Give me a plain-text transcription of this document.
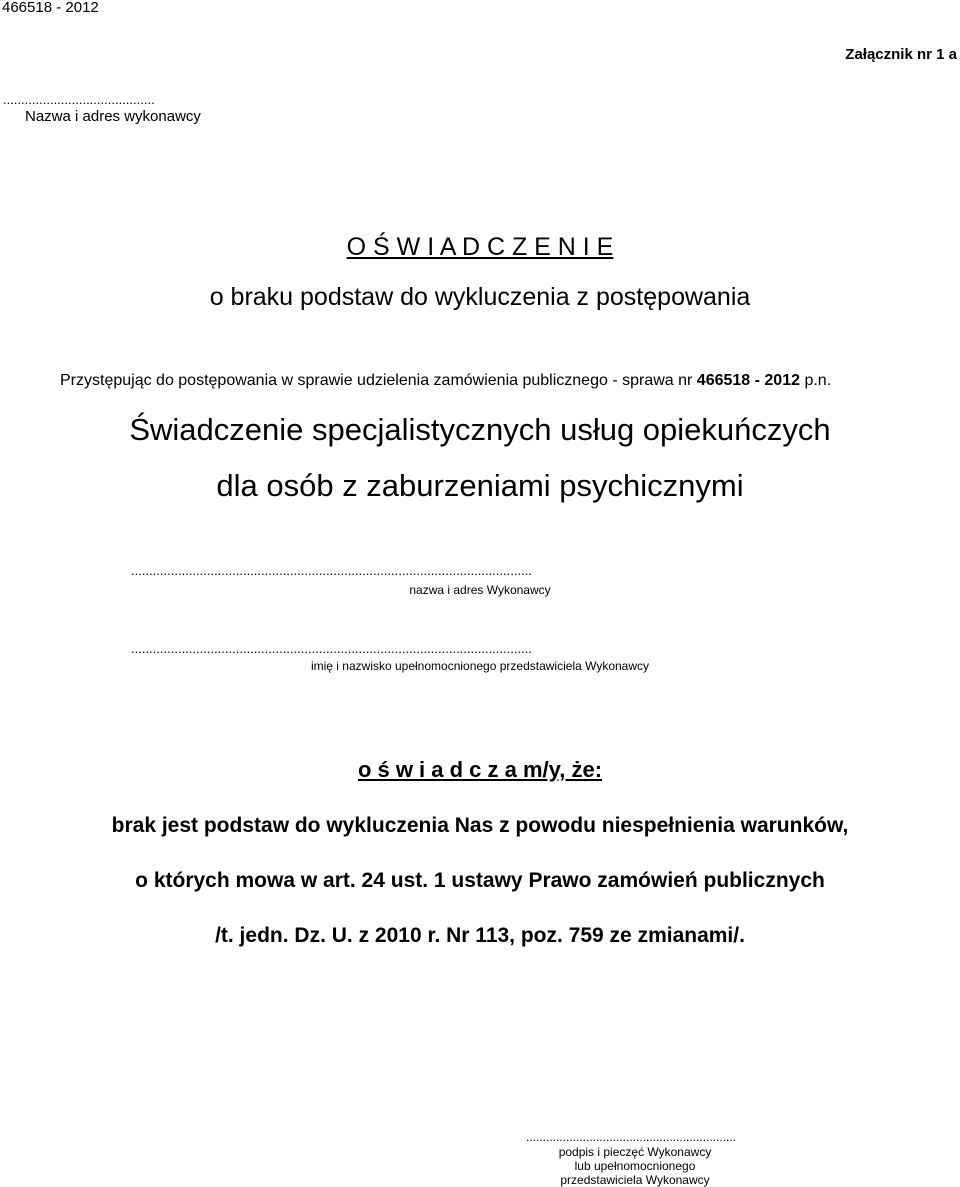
466518 - 2012
Załącznik nr 1 a
..........................................
Nazwa i adres wykonawcy
O Ś W I A D C Z E N I E
o braku podstaw do wykluczenia z postępowania
Przystępując do postępowania w sprawie udzielenia zamówienia publicznego - sprawa nr 466518 - 2012 p.n.
Świadczenie specjalistycznych usług opiekuńczych
dla osób z zaburzeniami psychicznymi
...............................................................................................................
nazwa i adres Wykonawcy
...............................................................................................................
imię i nazwisko upełnomocnionego przedstawiciela Wykonawcy
o ś w i a d c z a m/y, że:
brak jest podstaw do wykluczenia Nas z powodu niespełnienia warunków,
o których mowa w art. 24 ust. 1 ustawy Prawo zamówień publicznych
/t. jedn. Dz. U. z 2010 r. Nr 113, poz. 759 ze zmianami/.
...............................................................
podpis i pieczęć Wykonawcy
lub upełnomocnionego
przedstawiciela Wykonawcy
